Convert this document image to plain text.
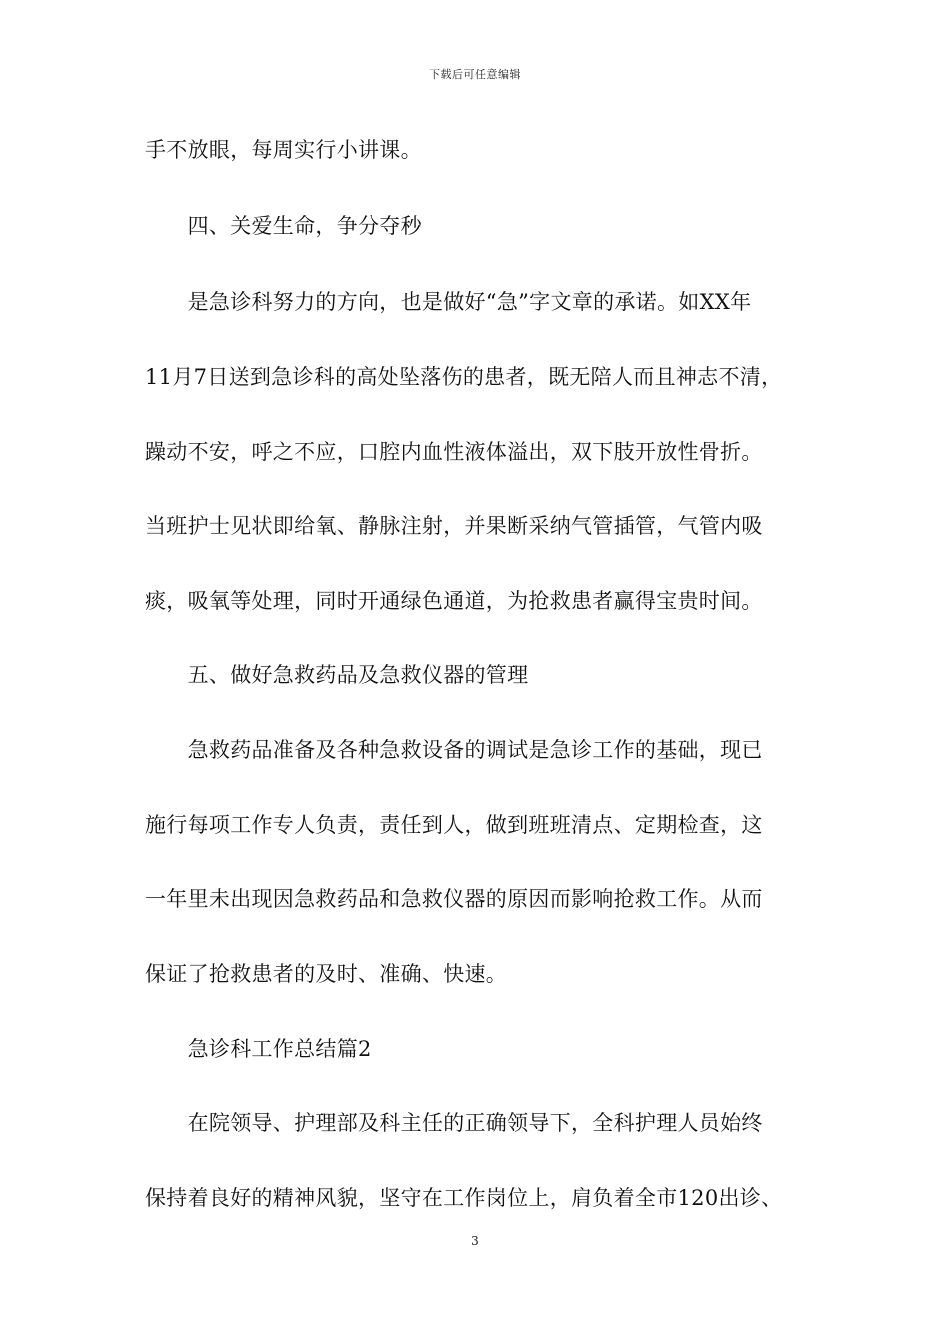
下载后可任意编辑
手不放眼，每周实行小讲课。
　　四、关爱生命，争分夺秒
　　是急诊科努力的方向，也是做好“急”字文章的承诺。如XX年
11月7日送到急诊科的高处坠落伤的患者，既无陪人而且神志不清，
躁动不安，呼之不应，口腔内血性液体溢出，双下肢开放性骨折。
当班护士见状即给氧、静脉注射，并果断采纳气管插管，气管内吸
痰，吸氧等处理，同时开通绿色通道，为抢救患者赢得宝贵时间。
　　五、做好急救药品及急救仪器的管理
　　急救药品准备及各种急救设备的调试是急诊工作的基础，现已
施行每项工作专人负责，责任到人，做到班班清点、定期检查，这
一年里未出现因急救药品和急救仪器的原因而影响抢救工作。从而
保证了抢救患者的及时、准确、快速。
　　急诊科工作总结篇2
　　在院领导、护理部及科主任的正确领导下，全科护理人员始终
保持着良好的精神风貌，坚守在工作岗位上，肩负着全市120出诊、
3
